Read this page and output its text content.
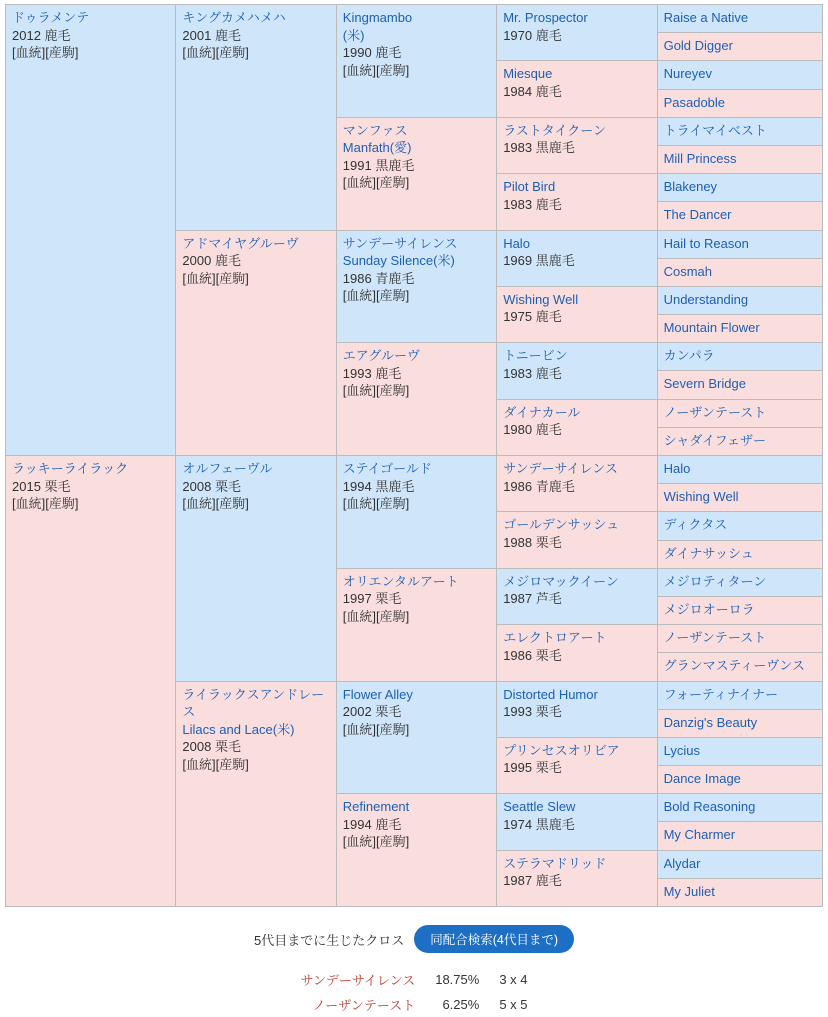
ドゥラメンテ
2012 鹿毛
[血統][産駒]	キングカメハメハ
2001 鹿毛
[血統][産駒]	Kingmambo
(米)
1990 鹿毛
[血統][産駒]	Mr. Prospector
1970 鹿毛	Raise a Native

				Gold Digger

			Miesque
1984 鹿毛	Nureyev

				Pasadoble

		マンファス
Manfath(愛)
1991 黒鹿毛
[血統][産駒]	ラストタイクーン
1983 黒鹿毛	トライマイベスト

				Mill Princess

			Pilot Bird
1983 鹿毛	Blakeney

				The Dancer

	アドマイヤグルーヴ
2000 鹿毛
[血統][産駒]	サンデーサイレンス
Sunday Silence(米)
1986 青鹿毛
[血統][産駒]	Halo
1969 黒鹿毛	Hail to Reason

				Cosmah

			Wishing Well
1975 鹿毛	Understanding

				Mountain Flower

		エアグルーヴ
1993 鹿毛
[血統][産駒]	トニービン
1983 鹿毛	カンパラ

				Severn Bridge

			ダイナカール
1980 鹿毛	ノーザンテースト

				シャダイフェザー

ラッキーライラック
2015 栗毛
[血統][産駒]	オルフェーヴル
2008 栗毛
[血統][産駒]	ステイゴールド
1994 黒鹿毛
[血統][産駒]	サンデーサイレンス
1986 青鹿毛	Halo

				Wishing Well

			ゴールデンサッシュ
1988 栗毛	ディクタス

				ダイナサッシュ

		オリエンタルアート
1997 栗毛
[血統][産駒]	メジロマックイーン
1987 芦毛	メジロティターン

				メジロオーロラ

			エレクトロアート
1986 栗毛	ノーザンテースト

				グランマスティーヴンス

	ライラックスアンドレース
Lilacs and Lace(米)
2008 栗毛
[血統][産駒]	Flower Alley
2002 栗毛
[血統][産駒]	Distorted Humor
1993 栗毛	フォーティナイナー

				Danzig's Beauty

			プリンセスオリビア
1995 栗毛	Lycius

				Dance Image

		Refinement
1994 鹿毛
[血統][産駒]	Seattle Slew
1974 黒鹿毛	Bold Reasoning

				My Charmer

			ステラマドリッド
1987 鹿毛	Alydar

				My Juliet
5代目までに生じたクロス	同配合検索(4代目まで)
サンデーサイレンス	18.75%	3 x 4
ノーザンテースト	6.25%	5 x 5
